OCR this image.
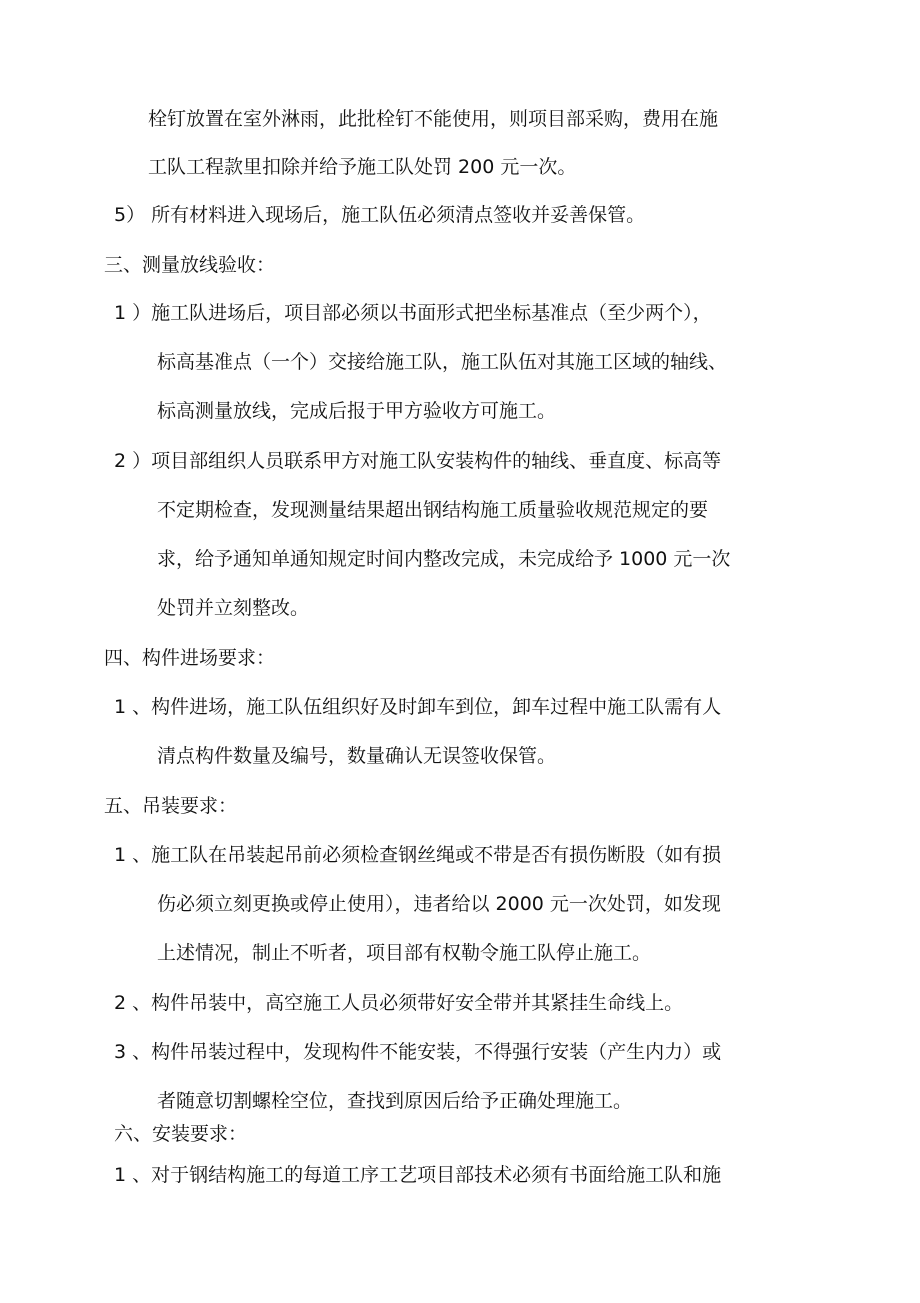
栓钉放置在室外淋雨，此批栓钉不能使用，则项目部采购，费用在施
工队工程款里扣除并给予施工队处罚 200 元一次。
5） 所有材料进入现场后，施工队伍必须清点签收并妥善保管。
三、测量放线验收：
1 ）施工队进场后，项目部必须以书面形式把坐标基准点（至少两个），
标高基准点（一个）交接给施工队，施工队伍对其施工区域的轴线、
标高测量放线，完成后报于甲方验收方可施工。
2 ）项目部组织人员联系甲方对施工队安装构件的轴线、垂直度、标高等
不定期检查，发现测量结果超出钢结构施工质量验收规范规定的要
求，给予通知单通知规定时间内整改完成，未完成给予 1000 元一次
处罚并立刻整改。
四、构件进场要求：
1 、构件进场，施工队伍组织好及时卸车到位，卸车过程中施工队需有人
清点构件数量及编号，数量确认无误签收保管。
五、吊装要求：
1 、施工队在吊装起吊前必须检查钢丝绳或不带是否有损伤断股（如有损
伤必须立刻更换或停止使用），违者给以 2000 元一次处罚，如发现
上述情况，制止不听者，项目部有权勒令施工队停止施工。
2 、构件吊装中，高空施工人员必须带好安全带并其紧挂生命线上。
3 、构件吊装过程中，发现构件不能安装，不得强行安装（产生内力）或
者随意切割螺栓空位，查找到原因后给予正确处理施工。
六、安装要求：
1 、对于钢结构施工的每道工序工艺项目部技术必须有书面给施工队和施
